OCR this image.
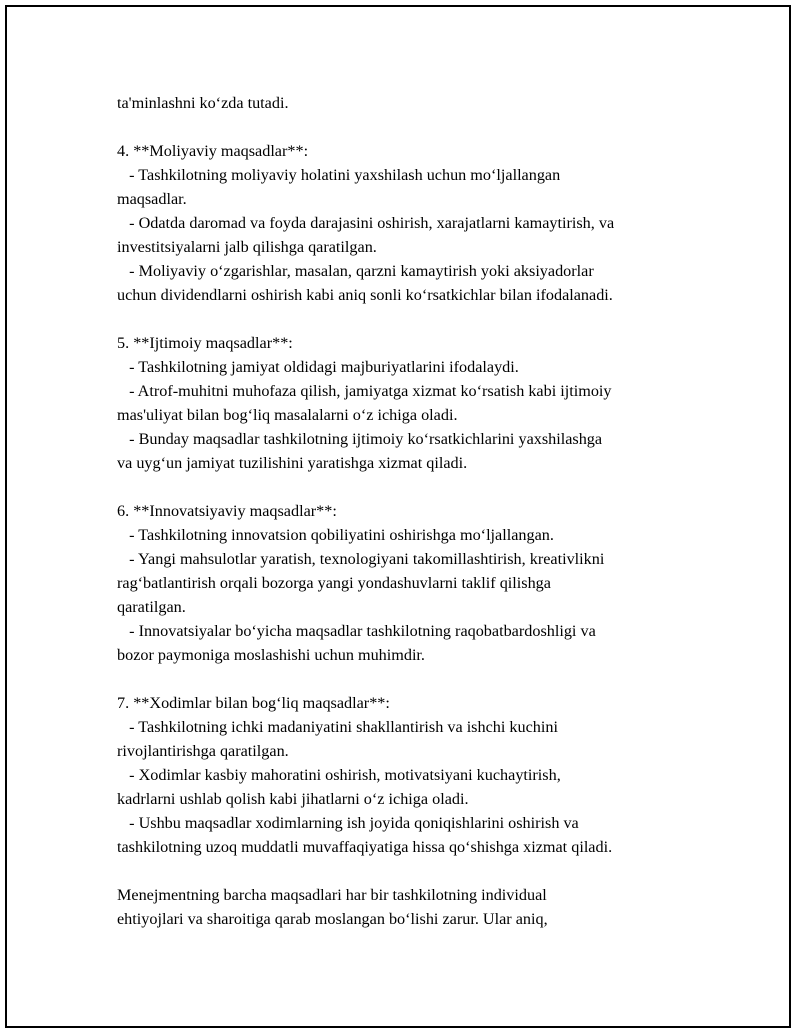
ta'minlashni ko‘zda tutadi.
4. **Moliyaviy maqsadlar**:
- Tashkilotning moliyaviy holatini yaxshilash uchun mo‘ljallangan
maqsadlar.
- Odatda daromad va foyda darajasini oshirish, xarajatlarni kamaytirish, va
investitsiyalarni jalb qilishga qaratilgan.
- Moliyaviy o‘zgarishlar, masalan, qarzni kamaytirish yoki aksiyadorlar
uchun dividendlarni oshirish kabi aniq sonli ko‘rsatkichlar bilan ifodalanadi.
5. **Ijtimoiy maqsadlar**:
- Tashkilotning jamiyat oldidagi majburiyatlarini ifodalaydi.
- Atrof-muhitni muhofaza qilish, jamiyatga xizmat ko‘rsatish kabi ijtimoiy
mas'uliyat bilan bog‘liq masalalarni o‘z ichiga oladi.
- Bunday maqsadlar tashkilotning ijtimoiy ko‘rsatkichlarini yaxshilashga
va uyg‘un jamiyat tuzilishini yaratishga xizmat qiladi.
6. **Innovatsiyaviy maqsadlar**:
- Tashkilotning innovatsion qobiliyatini oshirishga mo‘ljallangan.
- Yangi mahsulotlar yaratish, texnologiyani takomillashtirish, kreativlikni
rag‘batlantirish orqali bozorga yangi yondashuvlarni taklif qilishga
qaratilgan.
- Innovatsiyalar bo‘yicha maqsadlar tashkilotning raqobatbardoshligi va
bozor paymoniga moslashishi uchun muhimdir.
7. **Xodimlar bilan bog‘liq maqsadlar**:
- Tashkilotning ichki madaniyatini shakllantirish va ishchi kuchini
rivojlantirishga qaratilgan.
- Xodimlar kasbiy mahoratini oshirish, motivatsiyani kuchaytirish,
kadrlarni ushlab qolish kabi jihatlarni o‘z ichiga oladi.
- Ushbu maqsadlar xodimlarning ish joyida qoniqishlarini oshirish va
tashkilotning uzoq muddatli muvaffaqiyatiga hissa qo‘shishga xizmat qiladi.
Menejmentning barcha maqsadlari har bir tashkilotning individual
ehtiyojlari va sharoitiga qarab moslangan bo‘lishi zarur. Ular aniq,
